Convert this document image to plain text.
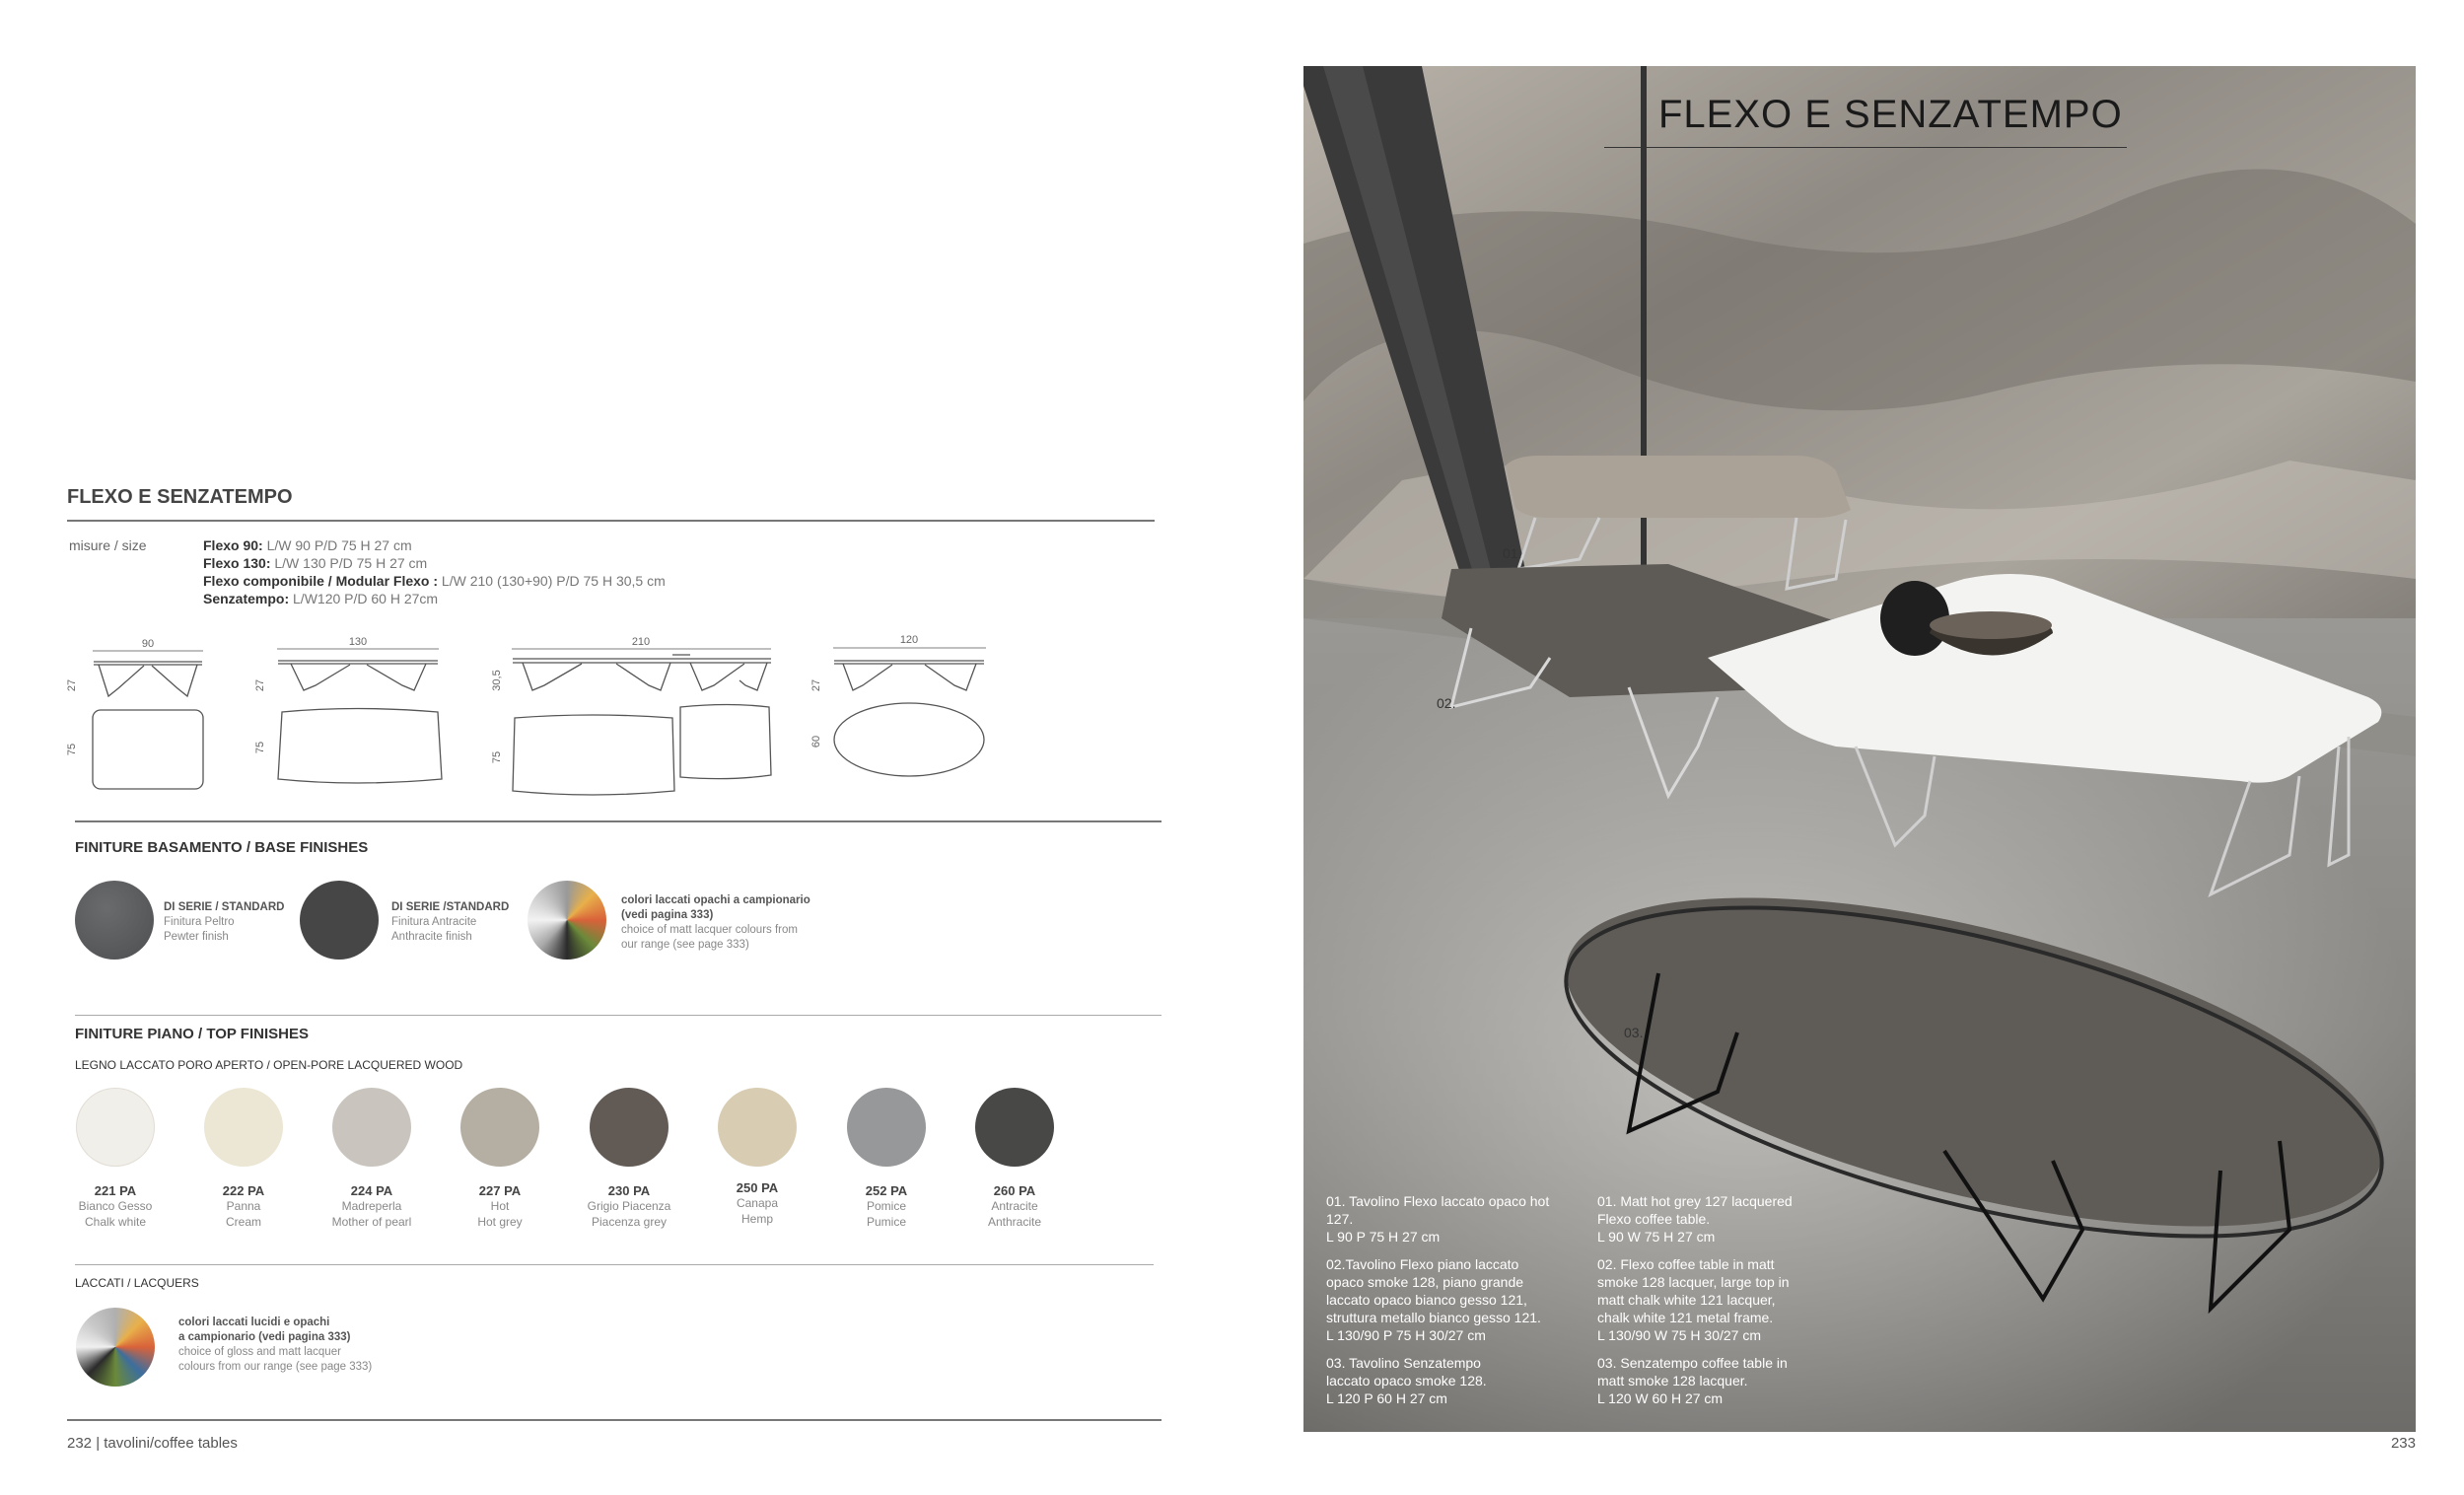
FLEXO E SENZATEMPO
misure / size	Flexo 90: L/W 90 P/D 75 H 27 cm
Flexo 130: L/W 130 P/D 75 H 27 cm
Flexo componibile / Modular Flexo : L/W 210 (130+90) P/D 75 H 30,5 cm
Senzatempo: L/W120 P/D 60 H 27cm
90
27
75
130
27
75
210
30,5
75
120
27
60
FINITURE BASAMENTO / BASE FINISHES
DI SERIE / STANDARD
Finitura Peltro
Pewter finish
DI SERIE /STANDARD
Finitura Antracite
Anthracite finish
colori laccati opachi a campionario
(vedi pagina 333)
choice of matt lacquer colours from
our range (see page 333)
FINITURE PIANO / TOP FINISHES
LEGNO LACCATO PORO APERTO / OPEN-PORE LACQUERED WOOD
221 PA	222 PA	224 PA	227 PA	230 PA	250 PA	252 PA	260 PA
Bianco Gesso	Panna	Madreperla	Hot	Grigio Piacenza	Canapa	Pomice	Antracite
Chalk white	Cream	Mother of pearl	Hot grey	Piacenza grey	Hemp	Pumice	Anthracite
LACCATI / LACQUERS
colori laccati lucidi e opachi
a campionario (vedi pagina 333)
choice of gloss and matt lacquer
colours from our range (see page 333)
232 | tavolini/coffee tables
FLEXO E SENZATEMPO
01.
02.
03.
01. Tavolino Flexo laccato opaco hot
127.
L 90 P 75 H 27 cm
02.Tavolino Flexo piano laccato
opaco smoke 128, piano grande
laccato opaco bianco gesso 121,
struttura metallo bianco gesso 121.
L 130/90 P 75 H 30/27 cm
03. Tavolino Senzatempo
laccato opaco smoke 128.
L 120 P 60 H 27 cm
01. Matt hot grey 127 lacquered
Flexo coffee table.
L 90 W 75 H 27 cm
02. Flexo coffee table in matt
smoke 128 lacquer, large top in
matt chalk white 121 lacquer,
chalk white 121 metal frame.
L 130/90 W 75 H 30/27 cm
03. Senzatempo coffee table in
matt smoke 128 lacquer.
L 120 W 60 H 27 cm
233
